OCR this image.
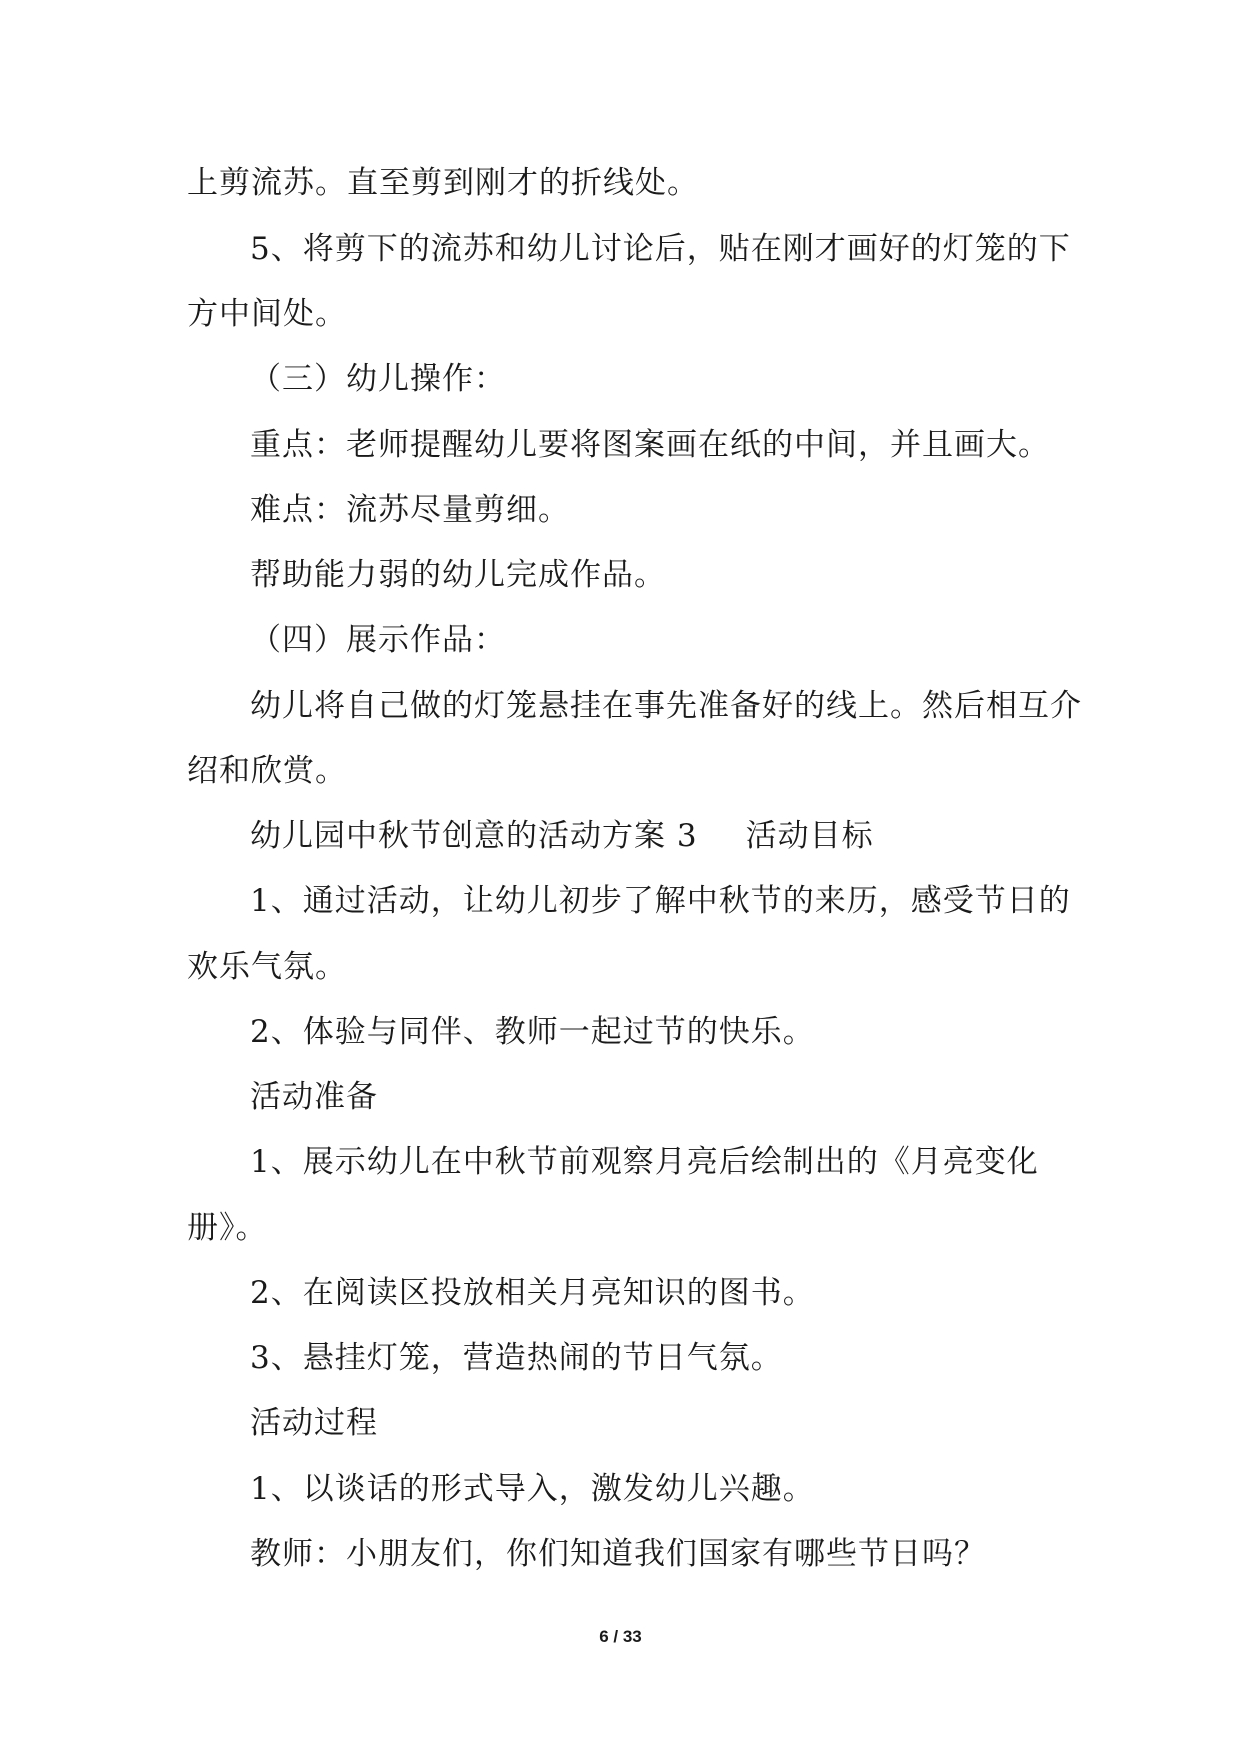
上剪流苏。直至剪到刚才的折线处。
5、将剪下的流苏和幼儿讨论后，贴在刚才画好的灯笼的下
方中间处。
（三）幼儿操作：
重点：老师提醒幼儿要将图案画在纸的中间，并且画大。
难点：流苏尽量剪细。
帮助能力弱的幼儿完成作品。
（四）展示作品：
幼儿将自己做的灯笼悬挂在事先准备好的线上。然后相互介
绍和欣赏。
幼儿园中秋节创意的活动方案 3 活动目标
1、通过活动，让幼儿初步了解中秋节的来历，感受节日的
欢乐气氛。
2、体验与同伴、教师一起过节的快乐。
活动准备
1、展示幼儿在中秋节前观察月亮后绘制出的《月亮变化
册》。
2、在阅读区投放相关月亮知识的图书。
3、悬挂灯笼，营造热闹的节日气氛。
活动过程
1、以谈话的形式导入，激发幼儿兴趣。
教师：小朋友们，你们知道我们国家有哪些节日吗？
6 / 33
